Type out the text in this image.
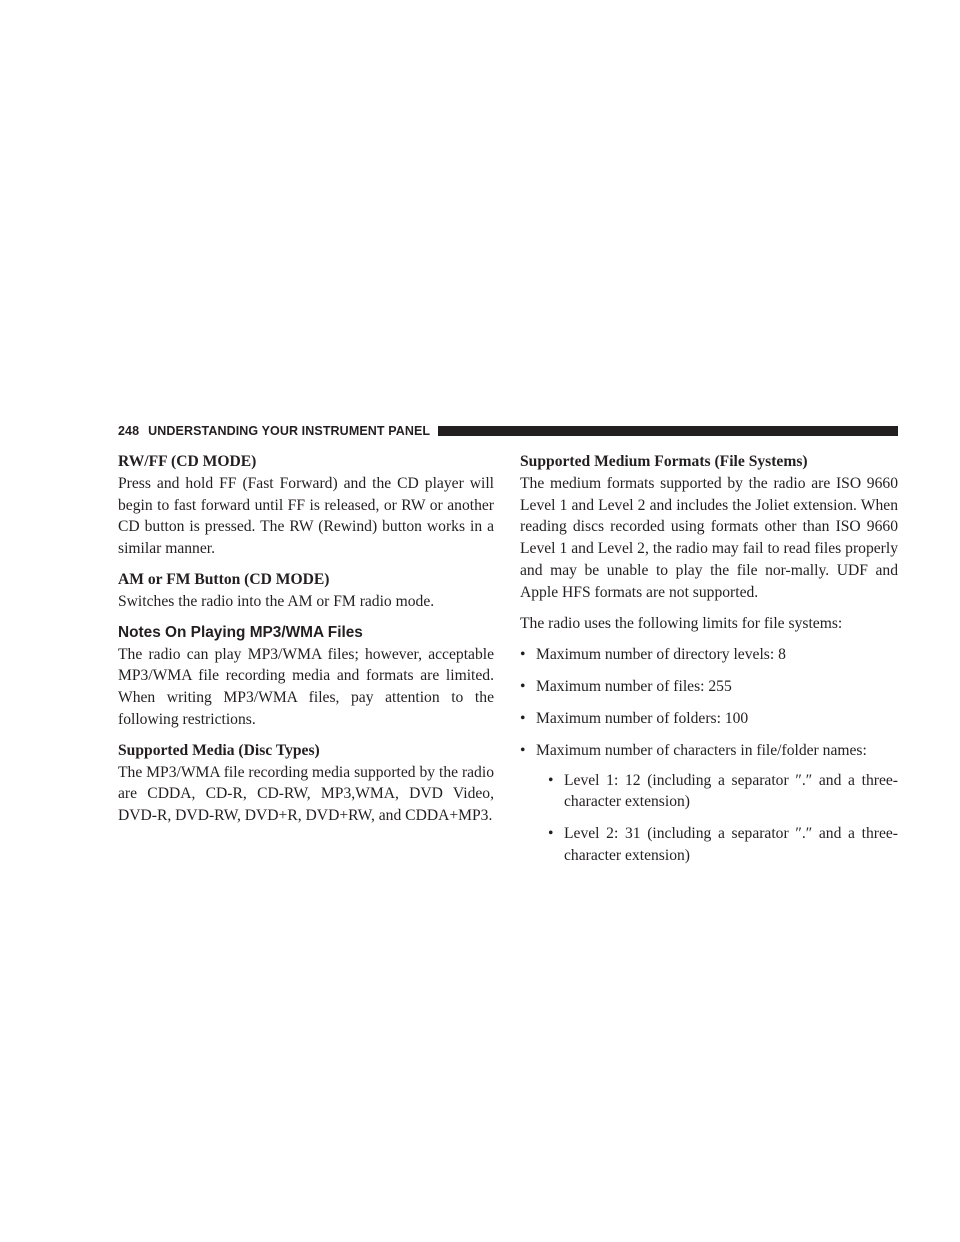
248 UNDERSTANDING YOUR INSTRUMENT PANEL

RW/FF (CD MODE)

Press and hold FF (Fast Forward) and the CD player will begin to fast forward until FF is released, or RW or another CD button is pressed. The RW (Rewind) button works in a similar manner.

AM or FM Button (CD MODE)

Switches the radio into the AM or FM radio mode.

Notes On Playing MP3/WMA Files

The radio can play MP3/WMA files; however, acceptable MP3/WMA file recording media and formats are limited. When writing MP3/WMA files, pay attention to the following restrictions.

Supported Media (Disc Types)

The MP3/WMA file recording media supported by the radio are CDDA, CD-R, CD-RW, MP3,WMA, DVD Video, DVD-R, DVD-RW, DVD+R, DVD+RW, and CDDA+MP3.

Supported Medium Formats (File Systems)

The medium formats supported by the radio are ISO 9660 Level 1 and Level 2 and includes the Joliet extension. When reading discs recorded using formats other than ISO 9660 Level 1 and Level 2, the radio may fail to read files properly and may be unable to play the file nor-mally. UDF and Apple HFS formats are not supported.

The radio uses the following limits for file systems:

• Maximum number of directory levels: 8
• Maximum number of files: 255
• Maximum number of folders: 100
• Maximum number of characters in file/folder names:
• Level 1: 12 (including a separator ″.″ and a three-character extension)
• Level 2: 31 (including a separator ″.″ and a three-character extension)
